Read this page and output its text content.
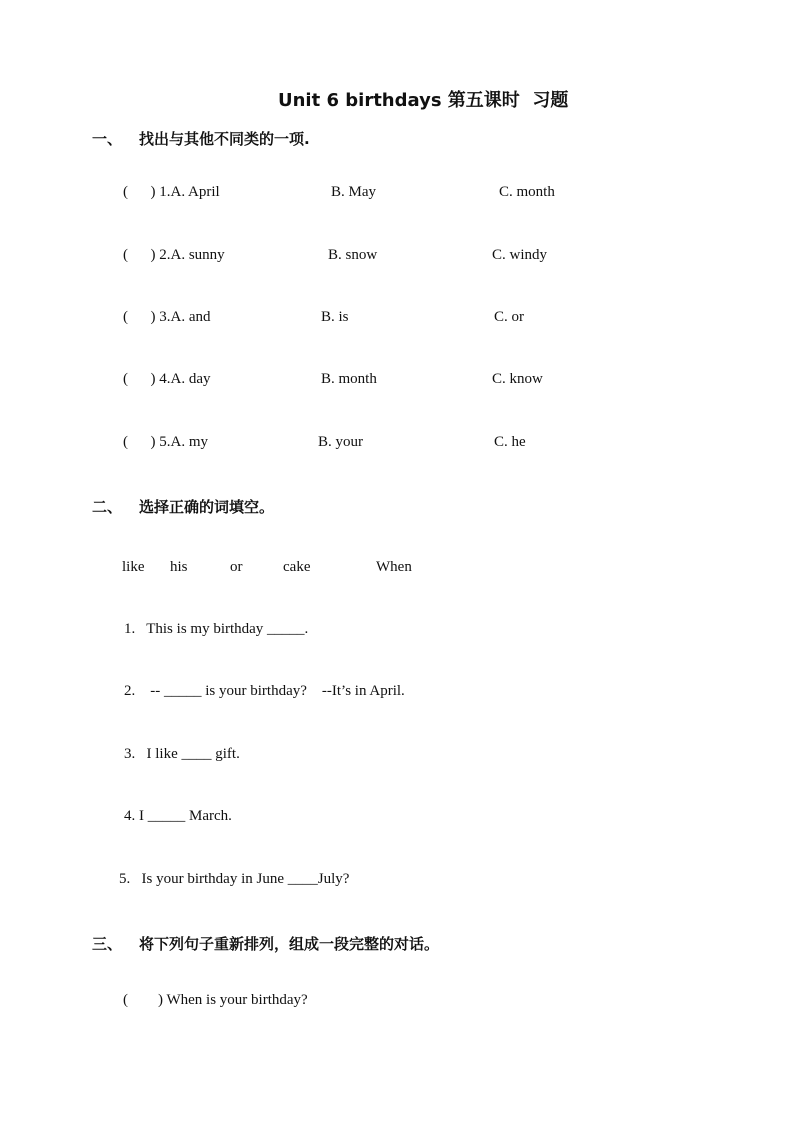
Unit 6 birthdays 第五课时  习题
一、 找出与其他不同类的一项.
(      ) 1.A. April	B. May	C. month
(      ) 2.A. sunny	B. snow	C. windy
(      ) 3.A. and	B. is	C. or
(      ) 4.A. day	B. month	C. know
(      ) 5.A. my	B. your	C. he
二、 选择正确的词填空。
like his	or	cake	When
1.   This is my birthday _____.
2.    -- _____ is your birthday?    --It’s in April.
3.   I like ____ gift.
4. I _____ March.
5.   Is your birthday in June ____July?
三、 将下列句子重新排列，组成一段完整的对话。
(        ) When is your birthday?
